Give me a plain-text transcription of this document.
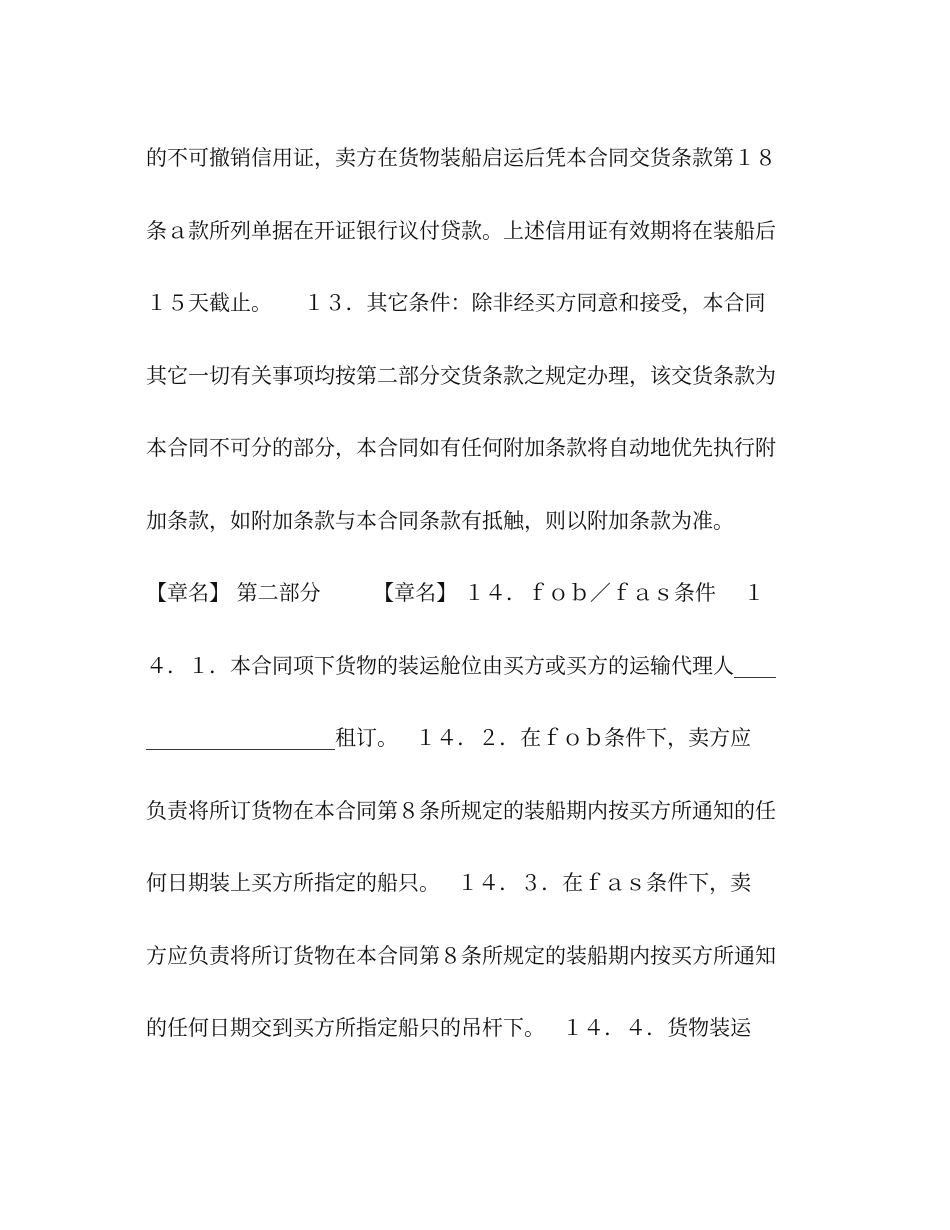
的不可撤销信用证，卖方在货物装船启运后凭本合同交货条款第１８
条ａ款所列单据在开证银行议付贷款。上述信用证有效期将在装船后
１５天截止。　　１３．其它条件：除非经买方同意和接受，本合同
其它一切有关事项均按第二部分交货条款之规定办理，该交货条款为
本合同不可分的部分，本合同如有任何附加条款将自动地优先执行附
加条款，如附加条款与本合同条款有抵触，则以附加条款为准。
【章名】 第二部分　　　【章名】 １４．ｆｏｂ／ｆａｓ条件　 １
４．１．本合同项下货物的装运舱位由买方或买方的运输代理人____
__________________租订。　 １４．２．在ｆｏｂ条件下，卖方应
负责将所订货物在本合同第８条所规定的装船期内按买方所通知的任
何日期装上买方所指定的船只。　 １４．３．在ｆａｓ条件下，卖
方应负责将所订货物在本合同第８条所规定的装船期内按买方所通知
的任何日期交到买方所指定船只的吊杆下。　 １４．４．货物装运
